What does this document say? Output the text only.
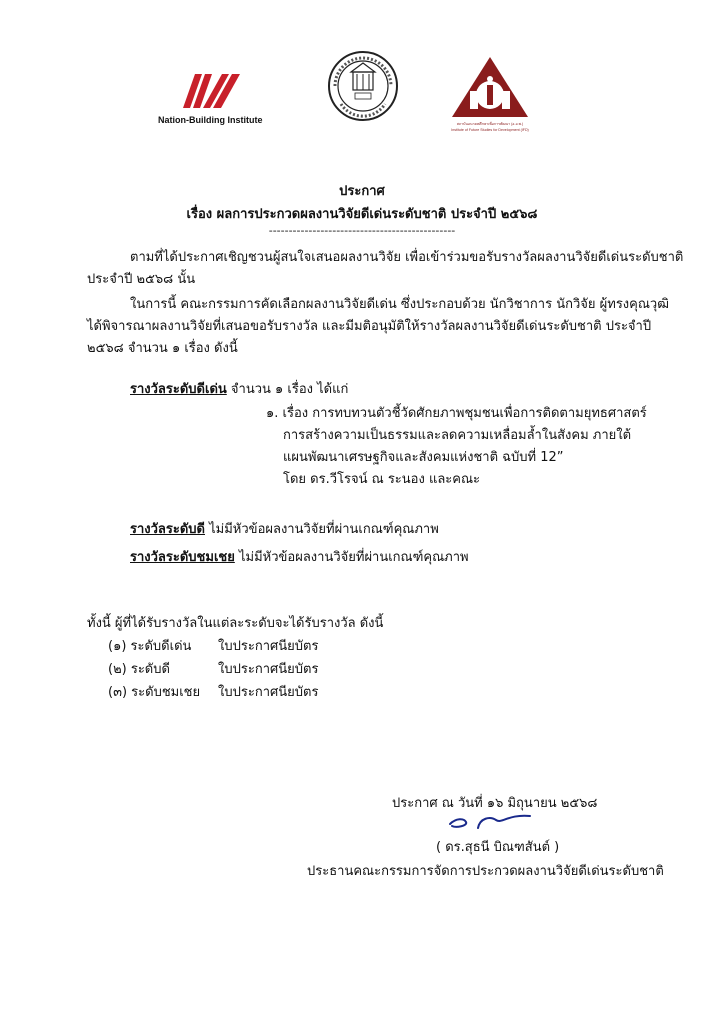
Nation-Building Institute	สถาบันอนาคตศึกษาเพื่อการพัฒนา (อ.อ.พ.)
Institute of Future Studies for Development (IFD)
ประกาศ
เรื่อง ผลการประกวดผลงานวิจัยดีเด่นระดับชาติ ประจำปี ๒๕๖๘
-----------------------------------------------
ตามที่ได้ประกาศเชิญชวนผู้สนใจเสนอผลงานวิจัย เพื่อเข้าร่วมขอรับรางวัลผลงานวิจัยดีเด่นระดับชาติ
ประจำปี ๒๕๖๘ นั้น
ในการนี้ คณะกรรมการคัดเลือกผลงานวิจัยดีเด่น ซึ่งประกอบด้วย นักวิชาการ นักวิจัย ผู้ทรงคุณวุฒิ
ได้พิจารณาผลงานวิจัยที่เสนอขอรับรางวัล และมีมติอนุมัติให้รางวัลผลงานวิจัยดีเด่นระดับชาติ ประจำปี
๒๕๖๘ จำนวน ๑ เรื่อง ดังนี้
รางวัลระดับดีเด่น จำนวน ๑ เรื่อง ได้แก่
๑. เรื่อง การทบทวนตัวชี้วัดศักยภาพชุมชนเพื่อการติดตามยุทธศาสตร์
การสร้างความเป็นธรรมและลดความเหลื่อมล้ำในสังคม ภายใต้
แผนพัฒนาเศรษฐกิจและสังคมแห่งชาติ ฉบับที่ 12”
โดย ดร.วีโรจน์ ณ ระนอง และคณะ
รางวัลระดับดี ไม่มีหัวข้อผลงานวิจัยที่ผ่านเกณฑ์คุณภาพ
รางวัลระดับชมเชย ไม่มีหัวข้อผลงานวิจัยที่ผ่านเกณฑ์คุณภาพ
ทั้งนี้ ผู้ที่ได้รับรางวัลในแต่ละระดับจะได้รับรางวัล ดังนี้
(๑) ระดับดีเด่น ใบประกาศนียบัตร
(๒) ระดับดี	ใบประกาศนียบัตร
(๓) ระดับชมเชย ใบประกาศนียบัตร
ประกาศ ณ วันที่ ๑๖ มิถุนายน ๒๕๖๘
( ดร.สุธนี บิณฑสันต์ )
ประธานคณะกรรมการจัดการประกวดผลงานวิจัยดีเด่นระดับชาติ
